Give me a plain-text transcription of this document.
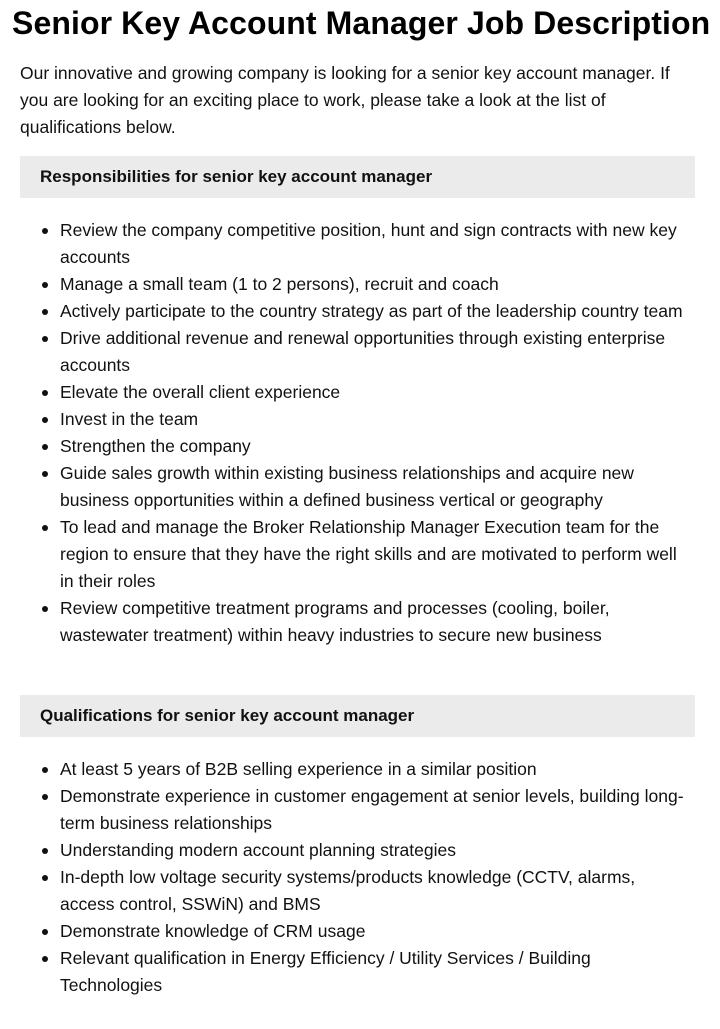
Senior Key Account Manager Job Description

Our innovative and growing company is looking for a senior key account manager. If you are looking for an exciting place to work, please take a look at the list of qualifications below.

Responsibilities for senior key account manager
Review the company competitive position, hunt and sign contracts with new key accounts
Manage a small team (1 to 2 persons), recruit and coach
Actively participate to the country strategy as part of the leadership country team
Drive additional revenue and renewal opportunities through existing enterprise accounts
Elevate the overall client experience
Invest in the team
Strengthen the company
Guide sales growth within existing business relationships and acquire new business opportunities within a defined business vertical or geography
To lead and manage the Broker Relationship Manager Execution team for the region to ensure that they have the right skills and are motivated to perform well in their roles
Review competitive treatment programs and processes (cooling, boiler, wastewater treatment) within heavy industries to secure new business
Qualifications for senior key account manager
At least 5 years of B2B selling experience in a similar position
Demonstrate experience in customer engagement at senior levels, building long-term business relationships
Understanding modern account planning strategies
In-depth low voltage security systems/products knowledge (CCTV, alarms, access control, SSWiN) and BMS
Demonstrate knowledge of CRM usage
Relevant qualification in Energy Efficiency / Utility Services / Building Technologies
